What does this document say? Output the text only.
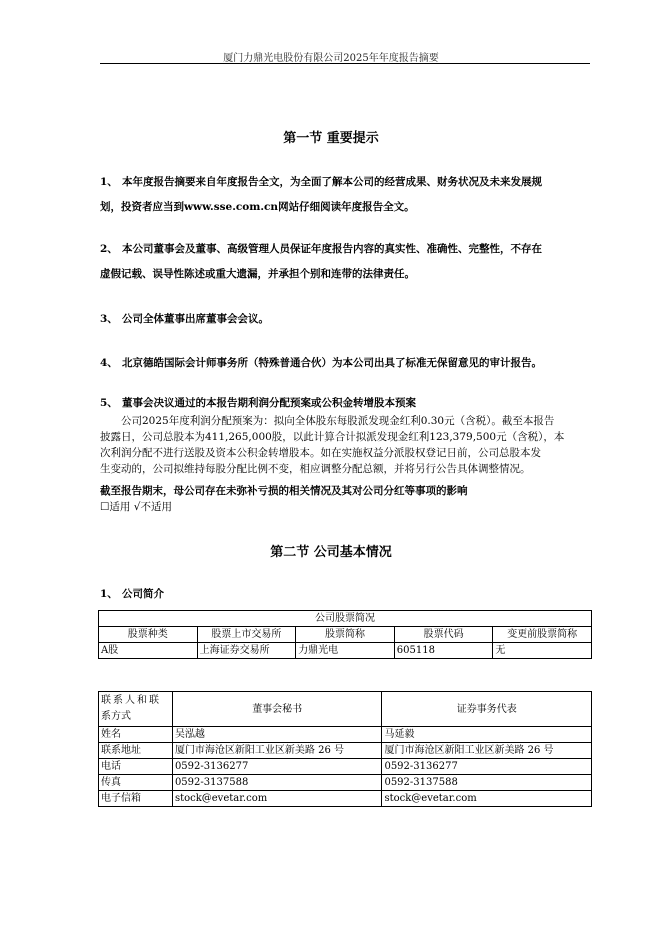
厦门力鼎光电股份有限公司2025年年度报告摘要
第一节 重要提示
1、 本年度报告摘要来自年度报告全文，为全面了解本公司的经营成果、财务状况及未来发展规
划，投资者应当到www.sse.com.cn网站仔细阅读年度报告全文。
2、 本公司董事会及董事、高级管理人员保证年度报告内容的真实性、准确性、完整性，不存在
虚假记载、误导性陈述或重大遗漏，并承担个别和连带的法律责任。
3、 公司全体董事出席董事会会议。
4、 北京德皓国际会计师事务所（特殊普通合伙）为本公司出具了标准无保留意见的审计报告。
5、 董事会决议通过的本报告期利润分配预案或公积金转增股本预案
公司2025年度利润分配预案为：拟向全体股东每股派发现金红利0.30元（含税）。截至本报告
披露日，公司总股本为411,265,000股，以此计算合计拟派发现金红利123,379,500元（含税），本
次利润分配不进行送股及资本公积金转增股本。如在实施权益分派股权登记日前，公司总股本发
生变动的，公司拟维持每股分配比例不变，相应调整分配总额，并将另行公告具体调整情况。
截至报告期末，母公司存在未弥补亏损的相关情况及其对公司分红等事项的影响
☐适用 √不适用
第二节 公司基本情况
1、 公司简介
公司股票简况				
股票种类	股票上市交易所	股票简称	股票代码	变更前股票简称
A股	上海证券交易所	力鼎光电	605118	无
联系人和联
系方式	董事会秘书	证券事务代表
姓名	吴泓越	马延毅
联系地址	厦门市海沧区新阳工业区新美路 26 号	厦门市海沧区新阳工业区新美路 26 号
电话	0592-3136277	0592-3136277
传真	0592-3137588	0592-3137588
电子信箱	stock@evetar.com	stock@evetar.com
